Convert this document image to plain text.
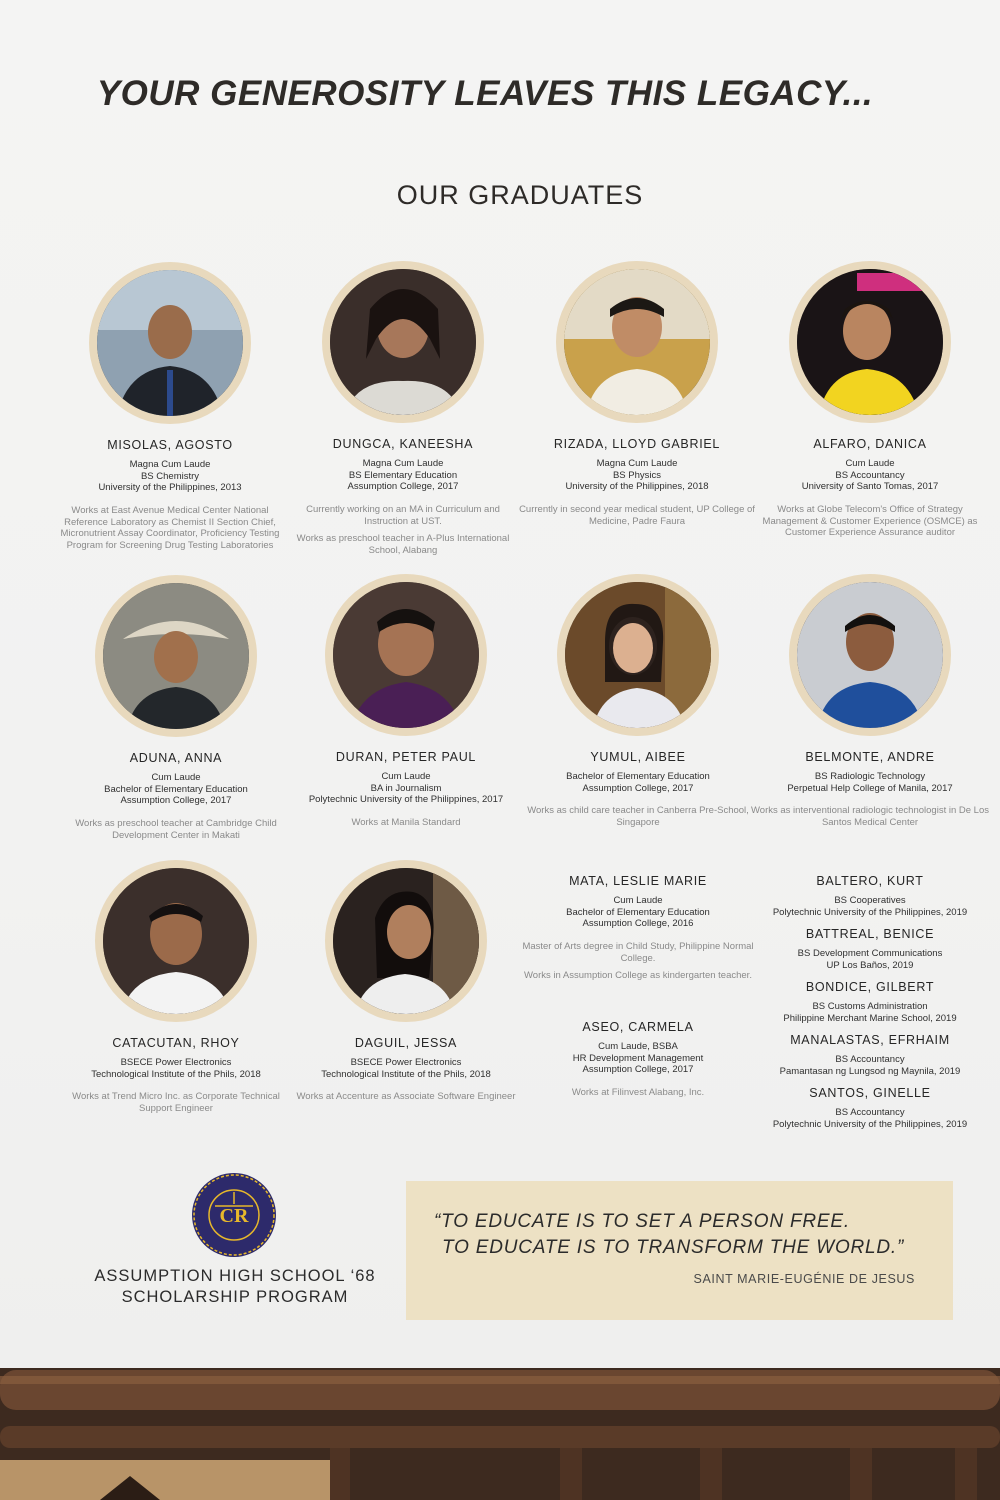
YOUR GENEROSITY LEAVES THIS LEGACY...
OUR GRADUATES
MISOLAS, AGOSTO
Magna Cum Laude
BS Chemistry
University of the Philippines, 2013
Works at East Avenue Medical Center National Reference Laboratory as Chemist II Section Chief, Micronutrient Assay Coordinator, Proficiency Testing Program for Screening Drug Testing Laboratories
DUNGCA, KANEESHA
Magna Cum Laude
BS Elementary Education
Assumption College, 2017
Currently working on an MA in Curriculum and Instruction at UST.
Works as preschool teacher in A-Plus International School, Alabang
RIZADA, LLOYD GABRIEL
Magna Cum Laude
BS Physics
University of the Philippines, 2018
Currently in second year medical student, UP College of Medicine, Padre Faura
ALFARO, DANICA
Cum Laude
BS Accountancy
University of Santo Tomas, 2017
Works at Globe Telecom's Office of Strategy Management & Customer Experience (OSMCE) as Customer Experience Assurance auditor
ADUNA, ANNA
Cum Laude
Bachelor of Elementary Education
Assumption College, 2017
Works as preschool teacher at Cambridge Child Development Center in Makati
DURAN, PETER PAUL
Cum Laude
BA in Journalism
Polytechnic University of the Philippines, 2017
Works at Manila Standard
YUMUL, AIBEE
Bachelor of Elementary Education
Assumption College, 2017
Works as child care teacher in Canberra Pre-School, Singapore
BELMONTE, ANDRE
BS Radiologic Technology
Perpetual Help College of Manila, 2017
Works as interventional radiologic technologist in De Los Santos Medical Center
CATACUTAN, RHOY
BSECE Power Electronics
Technological Institute of the Phils, 2018
Works at Trend Micro Inc. as Corporate Technical Support Engineer
DAGUIL, JESSA
BSECE Power Electronics
Technological Institute of the Phils, 2018
Works at Accenture as Associate Software Engineer
MATA, LESLIE MARIE
Cum Laude
Bachelor of Elementary Education
Assumption College, 2016
Master of Arts degree in Child Study, Philippine Normal College.
Works in Assumption College as kindergarten teacher.
ASEO, CARMELA
Cum Laude, BSBA
HR Development Management
Assumption College, 2017
Works at Filinvest Alabang, Inc.
BALTERO, KURT
BS Cooperatives
Polytechnic University of the Philippines, 2019
BATTREAL, BENICE
BS Development Communications
UP Los Baños, 2019
BONDICE, GILBERT
BS Customs Administration
Philippine Merchant Marine School, 2019
MANALASTAS, EFRHAIM
BS Accountancy
Pamantasan ng Lungsod ng Maynila, 2019
SANTOS, GINELLE
BS Accountancy
Polytechnic University of the Philippines, 2019
CR
ASSUMPTION HIGH SCHOOL ‘68
SCHOLARSHIP PROGRAM
“TO EDUCATE IS TO SET A PERSON FREE.
TO EDUCATE IS TO TRANSFORM THE WORLD.”
SAINT MARIE-EUGÉNIE DE JESUS
